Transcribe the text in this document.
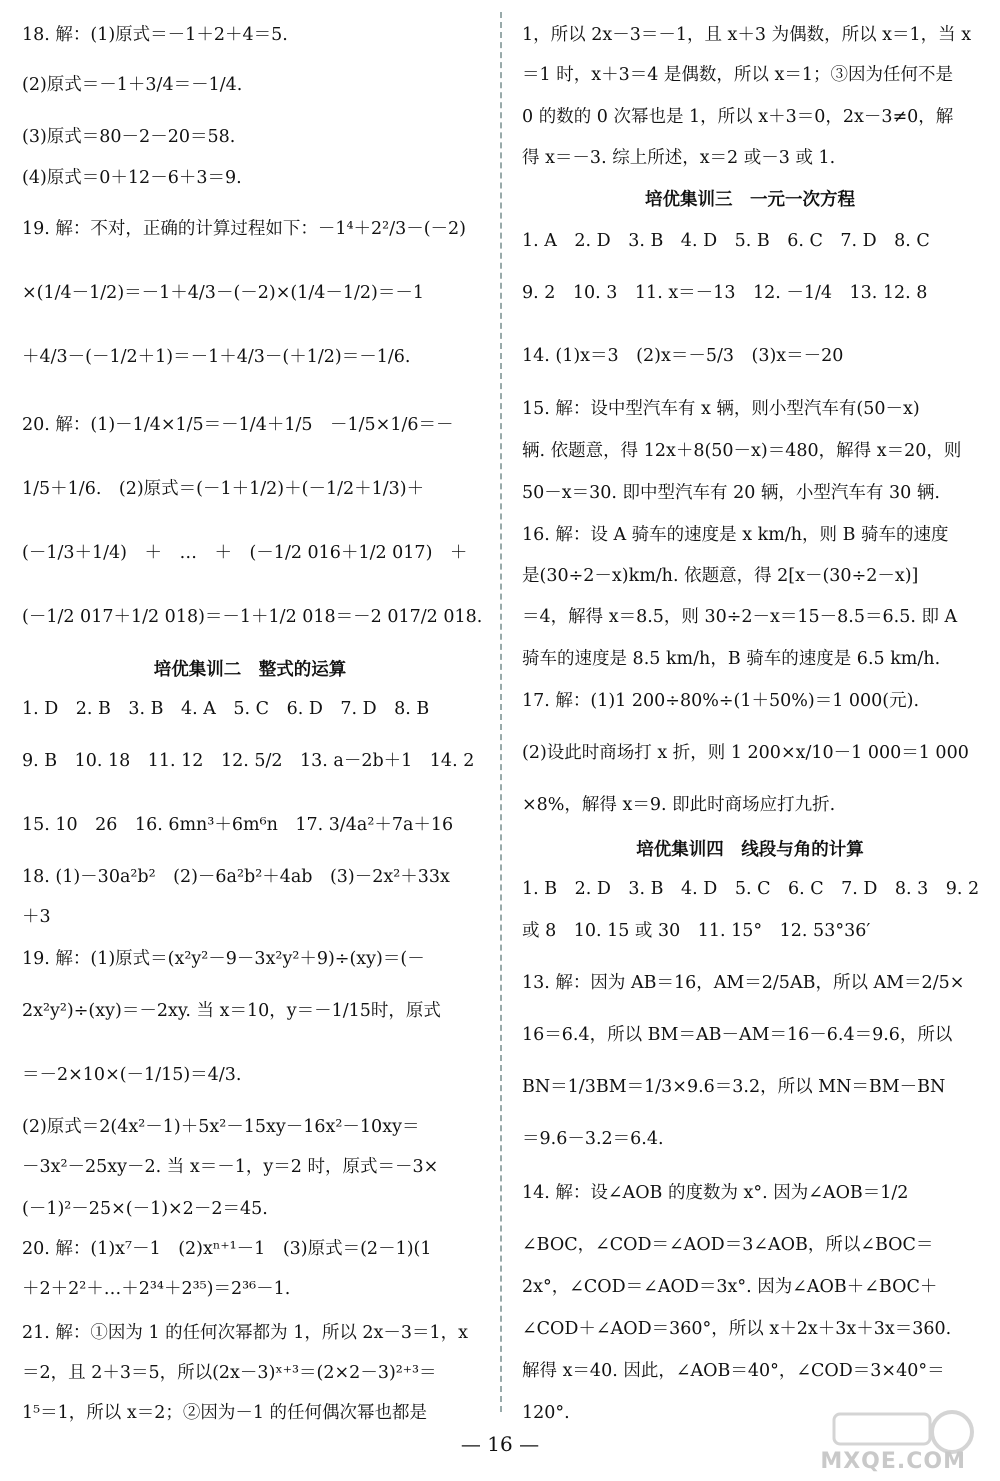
培优集训二　整式的运算
18. 解：(1)原式＝－1＋2＋4＝5.
(2)原式＝－1＋3/4＝－1/4.
(3)原式＝80－2－20＝58.
(4)原式＝0＋12－6＋3＝9.
19. 解：不对，正确的计算过程如下：－1⁴＋2²/3－(－2)
×(1/4－1/2)＝－1＋4/3－(－2)×(1/4－1/2)＝－1
＋4/3－(－1/2＋1)＝－1＋4/3－(＋1/2)＝－1/6.
20. 解：(1)－1/4×1/5＝－1/4＋1/5　－1/5×1/6＝－
1/5＋1/6.　(2)原式＝(－1＋1/2)＋(－1/2＋1/3)＋
(－1/3＋1/4)　＋　…　＋　(－1/2 016＋1/2 017)　＋
(－1/2 017＋1/2 018)＝－1＋1/2 018＝－2 017/2 018.
1. D　2. B　3. B　4. A　5. C　6. D　7. D　8. B
9. B　10. 18　11. 12　12. 5/2　13. a－2b＋1　14. 2
15. 10　26　16. 6mn³＋6m⁶n　17. 3/4a²＋7a＋16
18. (1)－30a²b²　(2)－6a²b²＋4ab　(3)－2x²＋33x
＋3
19. 解：(1)原式＝(x²y²－9－3x²y²＋9)÷(xy)＝(－
2x²y²)÷(xy)＝－2xy. 当 x＝10，y＝－1/15时，原式
＝－2×10×(－1/15)＝4/3.
(2)原式＝2(4x²－1)＋5x²－15xy－16x²－10xy＝
－3x²－25xy－2. 当 x＝－1，y＝2 时，原式＝－3×
(－1)²－25×(－1)×2－2＝45.
20. 解：(1)x⁷－1　(2)xⁿ⁺¹－1　(3)原式＝(2－1)(1
＋2＋2²＋…＋2³⁴＋2³⁵)＝2³⁶－1.
21. 解：①因为 1 的任何次幂都为 1，所以 2x－3＝1，x
＝2，且 2＋3＝5，所以(2x－3)ˣ⁺³＝(2×2－3)²⁺³＝
1⁵＝1，所以 x＝2；②因为－1 的任何偶次幂也都是
培优集训三　一元一次方程
培优集训四　线段与角的计算
1，所以 2x－3＝－1，且 x＋3 为偶数，所以 x＝1，当 x
＝1 时，x＋3＝4 是偶数，所以 x＝1；③因为任何不是
0 的数的 0 次幂也是 1，所以 x＋3＝0，2x－3≠0，解
得 x＝－3. 综上所述，x＝2 或－3 或 1.
1. A　2. D　3. B　4. D　5. B　6. C　7. D　8. C
9. 2　10. 3　11. x＝－13　12. －1/4　13. 12. 8
14. (1)x＝3　(2)x＝－5/3　(3)x＝－20
15. 解：设中型汽车有 x 辆，则小型汽车有(50－x)
辆. 依题意，得 12x＋8(50－x)＝480，解得 x＝20，则
50－x＝30. 即中型汽车有 20 辆，小型汽车有 30 辆.
16. 解：设 A 骑车的速度是 x km/h，则 B 骑车的速度
是(30÷2－x)km/h. 依题意，得 2[x－(30÷2－x)]
＝4，解得 x＝8.5，则 30÷2－x＝15－8.5＝6.5. 即 A
骑车的速度是 8.5 km/h，B 骑车的速度是 6.5 km/h.
17. 解：(1)1 200÷80%÷(1＋50%)＝1 000(元).
(2)设此时商场打 x 折，则 1 200×x/10－1 000＝1 000
×8%，解得 x＝9. 即此时商场应打九折.
1. B　2. D　3. B　4. D　5. C　6. C　7. D　8. 3　9. 2
或 8　10. 15 或 30　11. 15°　12. 53°36′
13. 解：因为 AB＝16，AM＝2/5AB，所以 AM＝2/5×
16＝6.4，所以 BM＝AB－AM＝16－6.4＝9.6，所以
BN＝1/3BM＝1/3×9.6＝3.2，所以 MN＝BM－BN
＝9.6－3.2＝6.4.
14. 解：设∠AOB 的度数为 x°. 因为∠AOB＝1/2
∠BOC，∠COD＝∠AOD＝3∠AOB，所以∠BOC＝
2x°，∠COD＝∠AOD＝3x°. 因为∠AOB＋∠BOC＋
∠COD＋∠AOD＝360°，所以 x＋2x＋3x＋3x＝360.
解得 x＝40. 因此，∠AOB＝40°，∠COD＝3×40°＝
120°.
— 16 —
MXQE.COM
